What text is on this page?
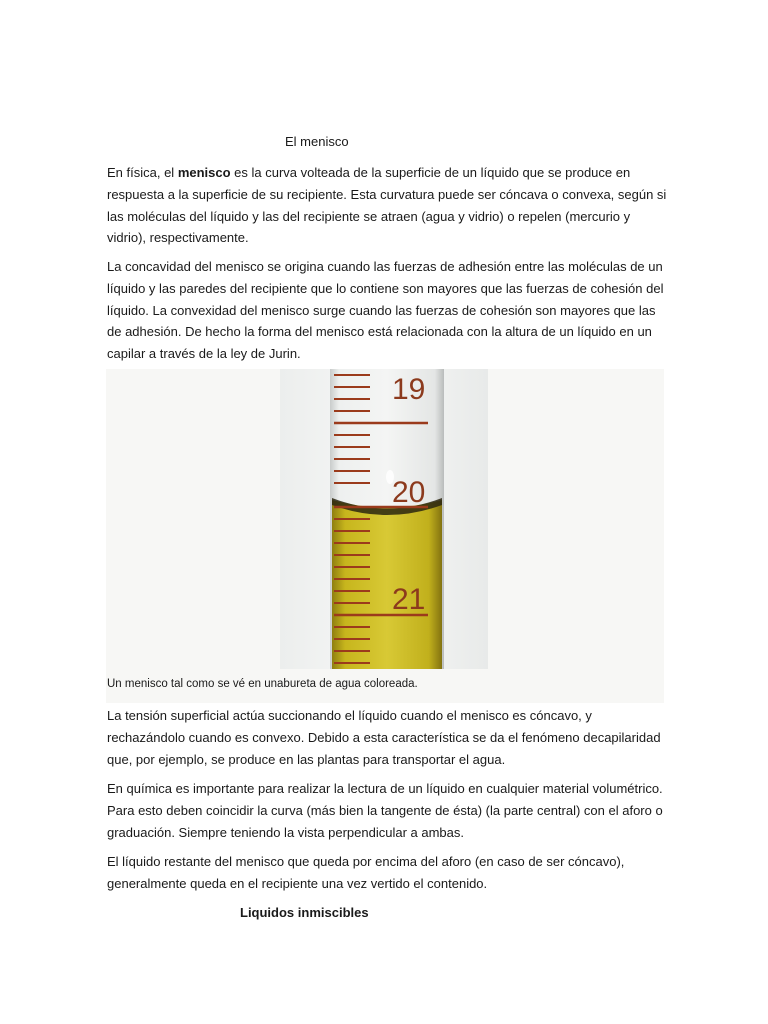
El menisco

En física, el menisco es la curva volteada de la superficie de un líquido que se produce en respuesta a la superficie de su recipiente. Esta curvatura puede ser cóncava o convexa, según si las moléculas del líquido y las del recipiente se atraen (agua y vidrio) o repelen (mercurio y vidrio), respectivamente.

La concavidad del menisco se origina cuando las fuerzas de adhesión entre las moléculas de un líquido y las paredes del recipiente que lo contiene son mayores que las fuerzas de cohesión del líquido. La convexidad del menisco surge cuando las fuerzas de cohesión son mayores que las de adhesión. De hecho la forma del menisco está relacionada con la altura de un líquido en un capilar a través de la ley de Jurin.

19
20
21

Un menisco tal como se vé en unabureta de agua coloreada.

La tensión superficial actúa succionando el líquido cuando el menisco es cóncavo, y rechazándolo cuando es convexo. Debido a esta característica se da el fenómeno decapilaridad que, por ejemplo, se produce en las plantas para transportar el agua.

En química es importante para realizar la lectura de un líquido en cualquier material volumétrico. Para esto deben coincidir la curva (más bien la tangente de ésta) (la parte central) con el aforo o graduación. Siempre teniendo la vista perpendicular a ambas.

El líquido restante del menisco que queda por encima del aforo (en caso de ser cóncavo), generalmente queda en el recipiente una vez vertido el contenido.

Liquidos inmiscibles
